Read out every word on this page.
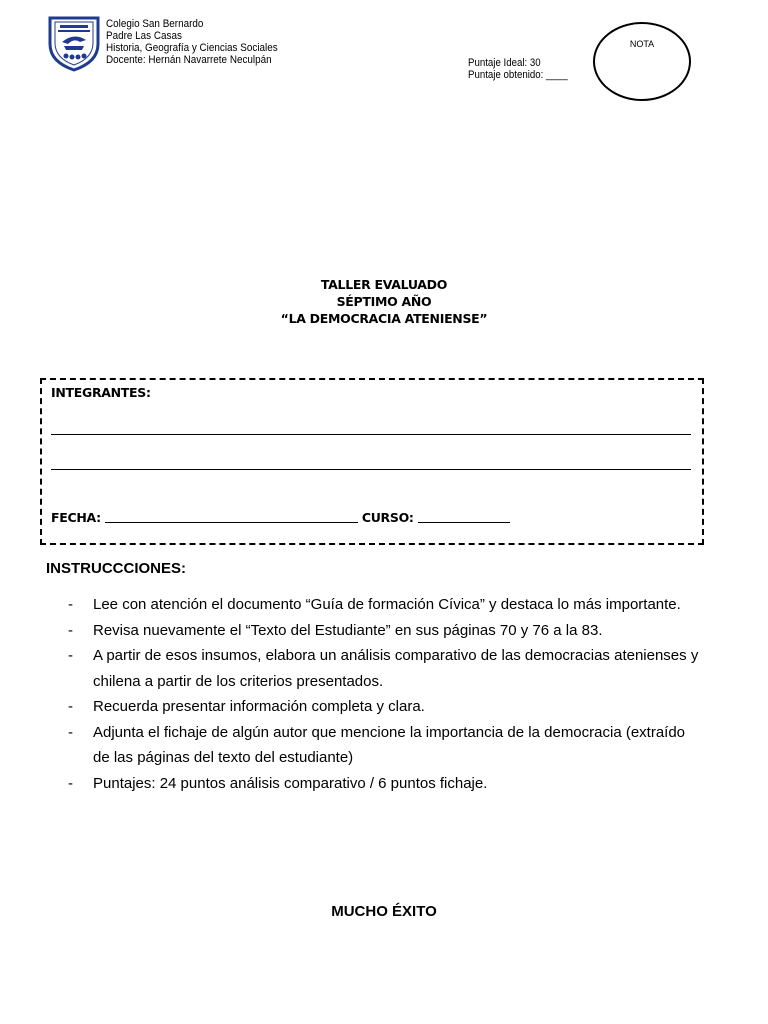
Colegio San Bernardo
Padre Las Casas
Historia, Geografía y Ciencias Sociales
Docente: Hernán Navarrete Neculpán	Puntaje Ideal: 30
Puntaje obtenido: ____
NOTA
TALLER EVALUADO
SÉPTIMO AÑO
“LA DEMOCRACIA ATENIENSE”
INTEGRANTES:
FECHA:	CURSO:
INSTRUCCCIONES:
-	Lee con atención el documento “Guía de formación Cívica” y destaca lo más importante.
-	Revisa nuevamente el “Texto del Estudiante” en sus páginas 70 y 76 a la 83.
-	A partir de esos insumos, elabora un análisis comparativo de las democracias atenienses y
chilena a partir de los criterios presentados.
-	Recuerda presentar información completa y clara.
-	Adjunta el fichaje de algún autor que mencione la importancia de la democracia (extraído
de las páginas del texto del estudiante)
-	Puntajes: 24 puntos análisis comparativo / 6 puntos fichaje.
MUCHO ÉXITO
